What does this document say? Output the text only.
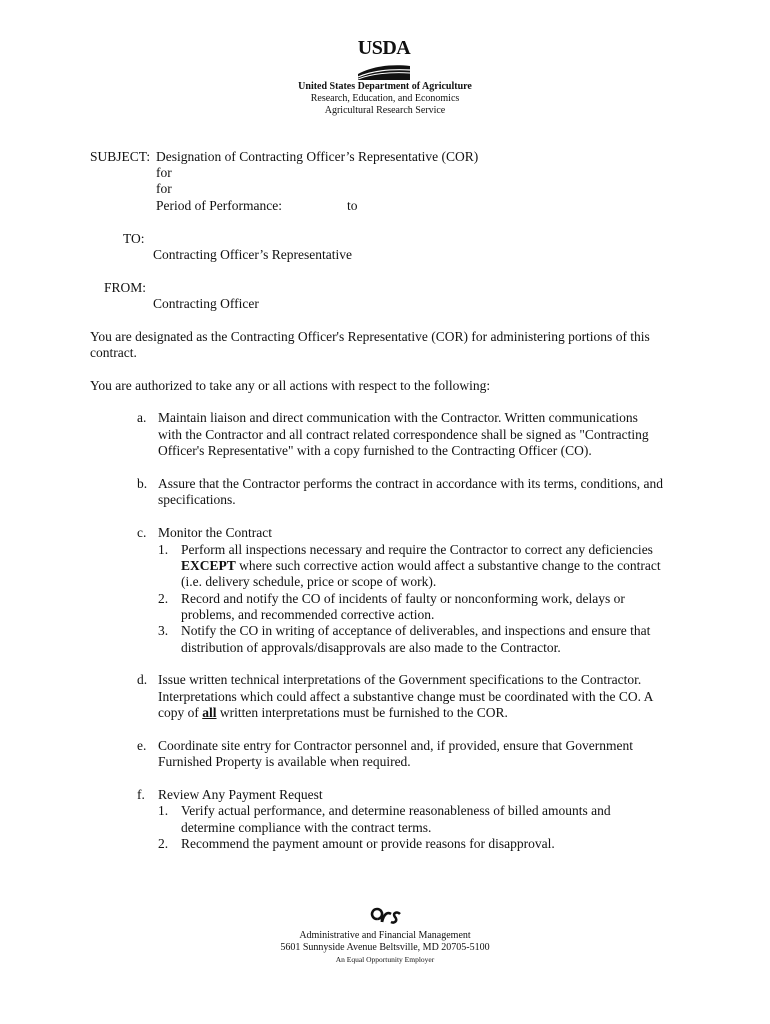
USDA
United States Department of Agriculture
Research, Education, and Economics
Agricultural Research Service
SUBJECT: Designation of Contracting Officer’s Representative (COR)
for
for
Period of Performance:	to
TO:
Contracting Officer’s Representative
FROM:
Contracting Officer
You are designated as the Contracting Officer's Representative (COR) for administering portions of this
contract.
You are authorized to take any or all actions with respect to the following:
a. Maintain liaison and direct communication with the Contractor. Written communications
with the Contractor and all contract related correspondence shall be signed as "Contracting
Officer's Representative" with a copy furnished to the Contracting Officer (CO).
b. Assure that the Contractor performs the contract in accordance with its terms, conditions, and
specifications.
c. Monitor the Contract
1. Perform all inspections necessary and require the Contractor to correct any deficiencies
EXCEPT where such corrective action would affect a substantive change to the contract
(i.e. delivery schedule, price or scope of work).
2. Record and notify the CO of incidents of faulty or nonconforming work, delays or
problems, and recommended corrective action.
3. Notify the CO in writing of acceptance of deliverables, and inspections and ensure that
distribution of approvals/disapprovals are also made to the Contractor.
d. Issue written technical interpretations of the Government specifications to the Contractor.
Interpretations which could affect a substantive change must be coordinated with the CO. A
copy of all written interpretations must be furnished to the COR.
e. Coordinate site entry for Contractor personnel and, if provided, ensure that Government
Furnished Property is available when required.
f. Review Any Payment Request
1. Verify actual performance, and determine reasonableness of billed amounts and
determine compliance with the contract terms.
2. Recommend the payment amount or provide reasons for disapproval.
Administrative and Financial Management
5601 Sunnyside Avenue Beltsville, MD 20705-5100
An Equal Opportunity Employer
